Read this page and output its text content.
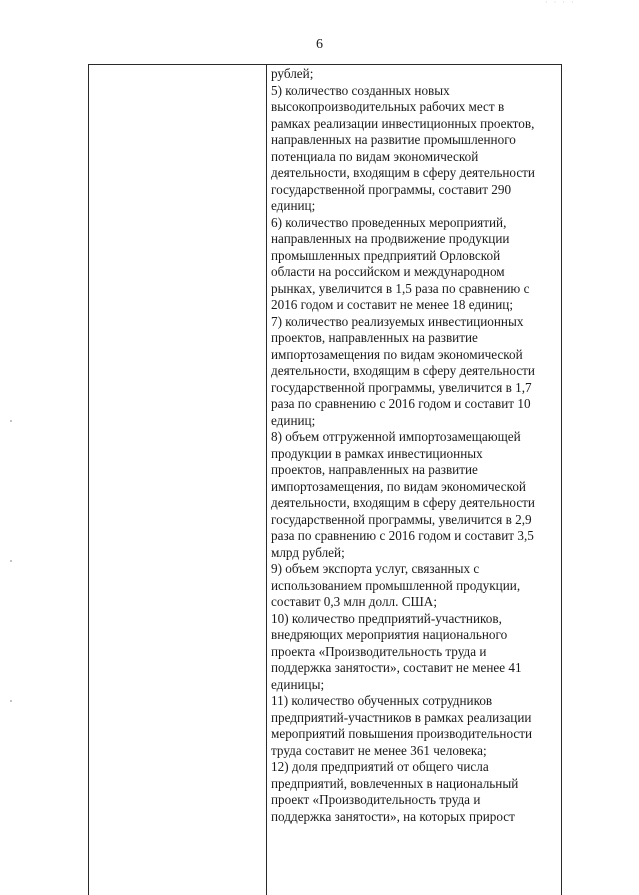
· · · ·
6
рублей;
5) количество созданных новых
высокопроизводительных рабочих мест в
рамках реализации инвестиционных проектов,
направленных на развитие промышленного
потенциала по видам экономической
деятельности, входящим в сферу деятельности
государственной программы, составит 290
единиц;
6) количество проведенных мероприятий,
направленных на продвижение продукции
промышленных предприятий Орловской
области на российском и международном
рынках, увеличится в 1,5 раза по сравнению с
2016 годом и составит не менее 18 единиц;
7) количество реализуемых инвестиционных
проектов, направленных на развитие
импортозамещения по видам экономической
деятельности, входящим в сферу деятельности
государственной программы, увеличится в 1,7
раза по сравнению с 2016 годом и составит 10
единиц;
8) объем отгруженной импортозамещающей
продукции в рамках инвестиционных
проектов, направленных на развитие
импортозамещения, по видам экономической
деятельности, входящим в сферу деятельности
государственной программы, увеличится в 2,9
раза по сравнению с 2016 годом и составит 3,5
млрд рублей;
9) объем экспорта услуг, связанных с
использованием промышленной продукции,
составит 0,3 млн долл. США;
10) количество предприятий-участников,
внедряющих мероприятия национального
проекта «Производительность труда и
поддержка занятости», составит не менее 41
единицы;
11) количество обученных сотрудников
предприятий-участников в рамках реализации
мероприятий повышения производительности
труда составит не менее 361 человека;
12) доля предприятий от общего числа
предприятий, вовлеченных в национальный
проект «Производительность труда и
поддержка занятости», на которых прирост
